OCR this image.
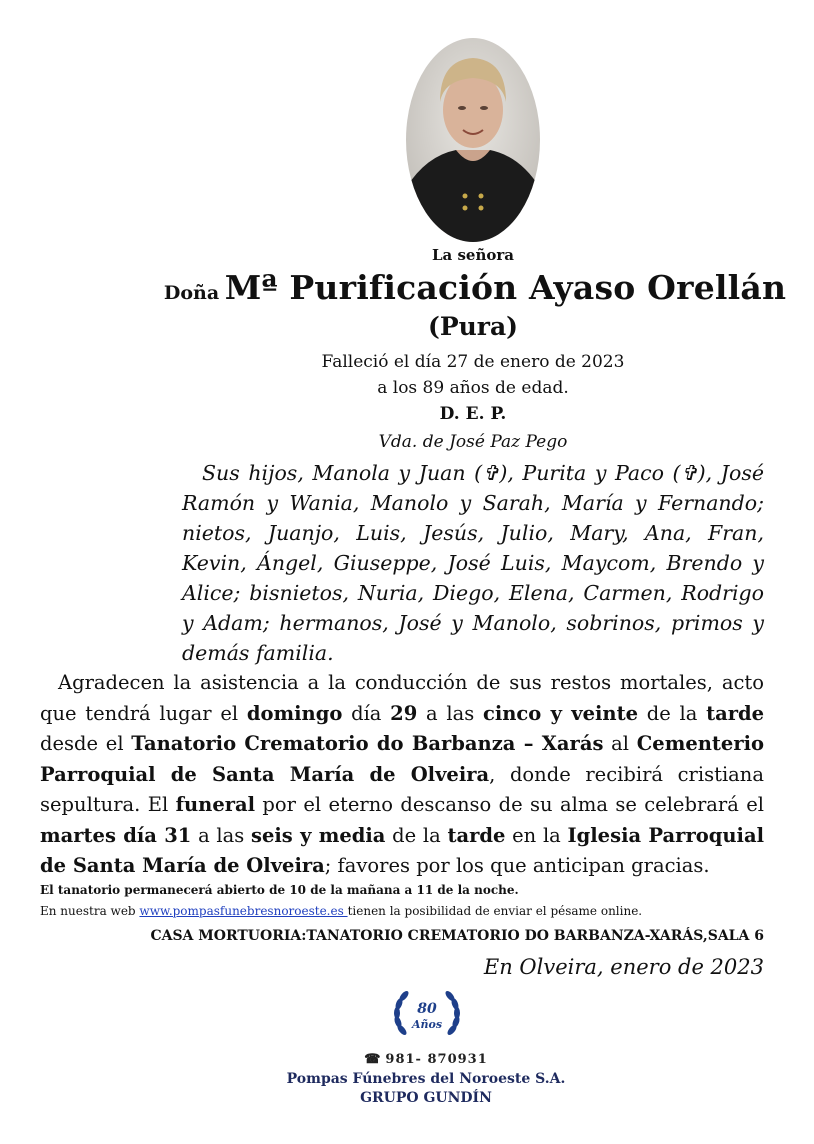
La señora
Doña Mª Purificación Ayaso Orellán
(Pura)
Falleció el día 27 de enero de 2023
a los 89 años de edad.
D. E. P.
Vda. de José Paz Pego

Sus hijos, Manola y Juan (✞), Purita y Paco (✞), José Ramón y Wania, Manolo y Sarah, María y Fernando; nietos, Juanjo, Luis, Jesús, Julio, Mary, Ana, Fran, Kevin, Ángel, Giuseppe, José Luis, Maycom, Brendo y Alice; bisnietos, Nuria, Diego, Elena, Carmen, Rodrigo y Adam; hermanos, José y Manolo, sobrinos, primos y demás familia.

Agradecen la asistencia a la conducción de sus restos mortales, acto que tendrá lugar el domingo día 29 a las cinco y veinte de la tarde desde el Tanatorio Crematorio do Barbanza – Xarás al Cementerio Parroquial de Santa María de Olveira, donde recibirá cristiana sepultura. El funeral por el eterno descanso de su alma se celebrará el martes día 31 a las seis y media de la tarde en la Iglesia Parroquial de Santa María de Olveira; favores por los que anticipan gracias.

El tanatorio permanecerá abierto de 10 de la mañana a 11 de la noche.
En nuestra web www.pompasfunebresnoroeste.es tienen la posibilidad de enviar el pésame online.
CASA MORTUORIA:TANATORIO CREMATORIO DO BARBANZA-XARÁS,SALA 6
En Olveira, enero de 2023
80
Años
☎ 981- 870931
Pompas Fúnebres del Noroeste S.A.
GRUPO GUNDÍN
